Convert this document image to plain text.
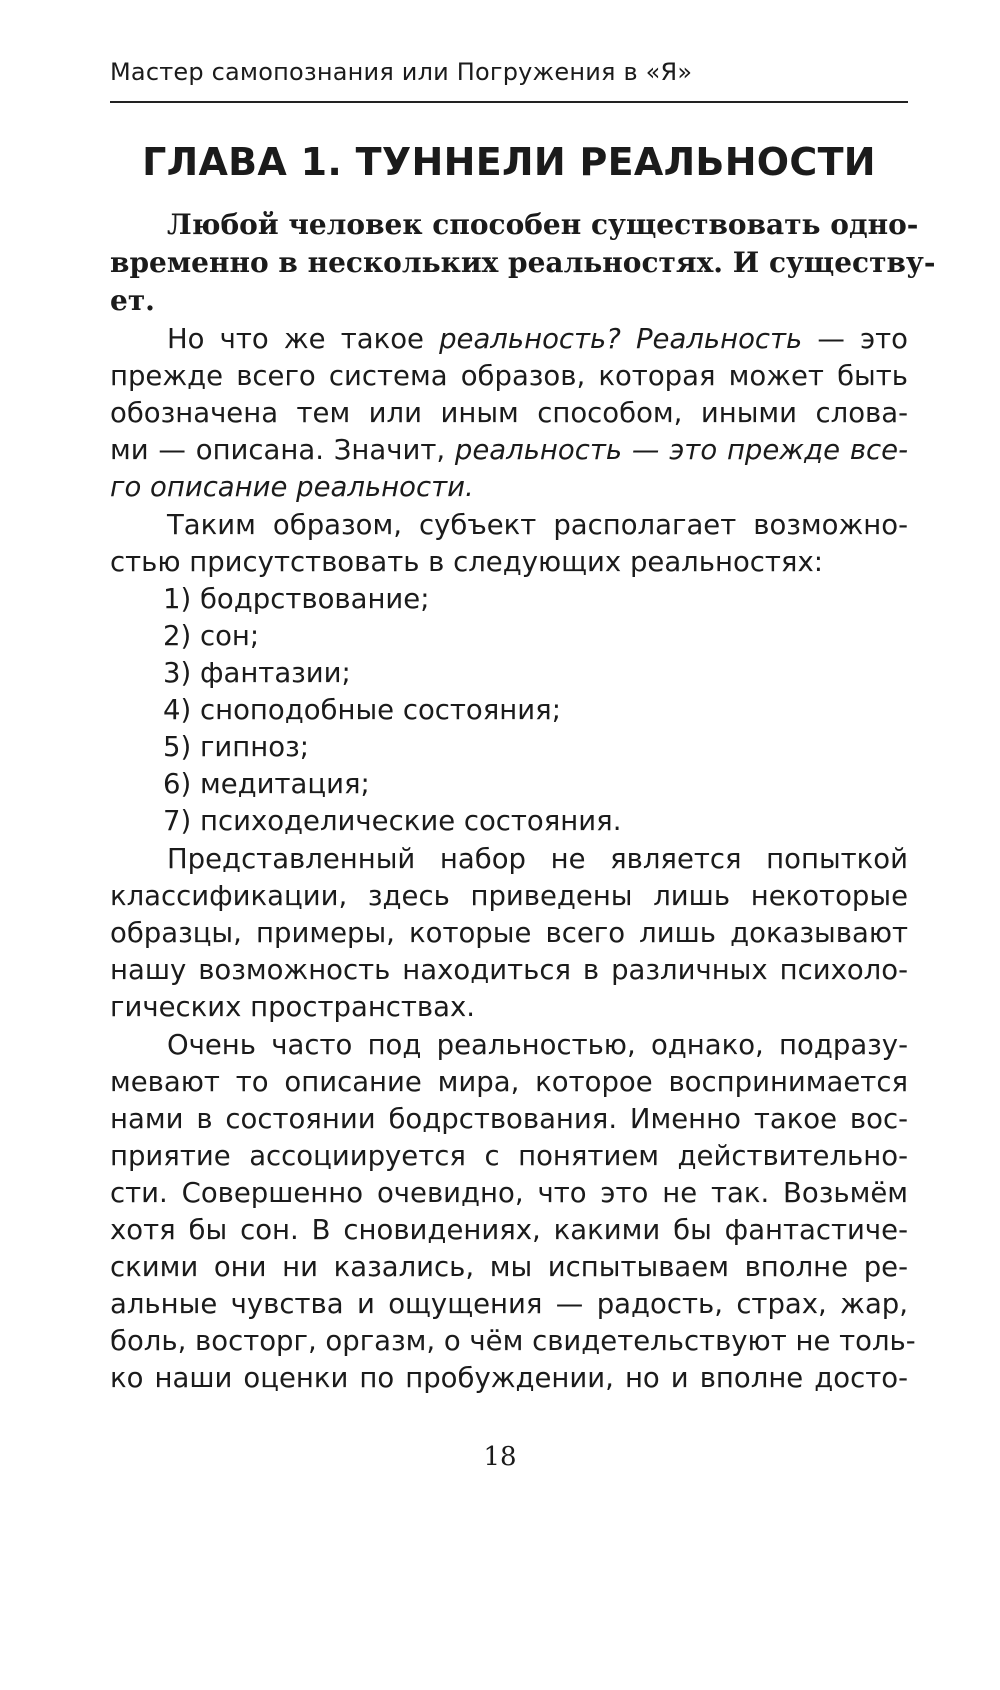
Мастер самопознания или Погружения в «Я»
ГЛАВА 1. ТУННЕЛИ РЕАЛЬНОСТИ
Любой человек способен существовать одно-
временно в нескольких реальностях. И существу-
ет.
Но что же такое реальность? Реальность — это
прежде всего система образов, которая может быть
обозначена тем или иным способом, иными слова-
ми — описана. Значит, реальность — это прежде все-
го описание реальности.
Таким образом, субъект располагает возможно-
стью присутствовать в следующих реальностях:
1) бодрствование;
2) сон;
3) фантазии;
4) сноподобные состояния;
5) гипноз;
6) медитация;
7) психоделические состояния.
Представленный набор не является попыткой
классификации, здесь приведены лишь некоторые
образцы, примеры, которые всего лишь доказывают
нашу возможность находиться в различных психоло-
гических пространствах.
Очень часто под реальностью, однако, подразу-
мевают то описание мира, которое воспринимается
нами в состоянии бодрствования. Именно такое вос-
приятие ассоциируется с понятием действительно-
сти. Совершенно очевидно, что это не так. Возьмём
хотя бы сон. В сновидениях, какими бы фантастиче-
скими они ни казались, мы испытываем вполне ре-
альные чувства и ощущения — радость, страх, жар,
боль, восторг, оргазм, о чём свидетельствуют не толь-
ко наши оценки по пробуждении, но и вполне досто-
18
